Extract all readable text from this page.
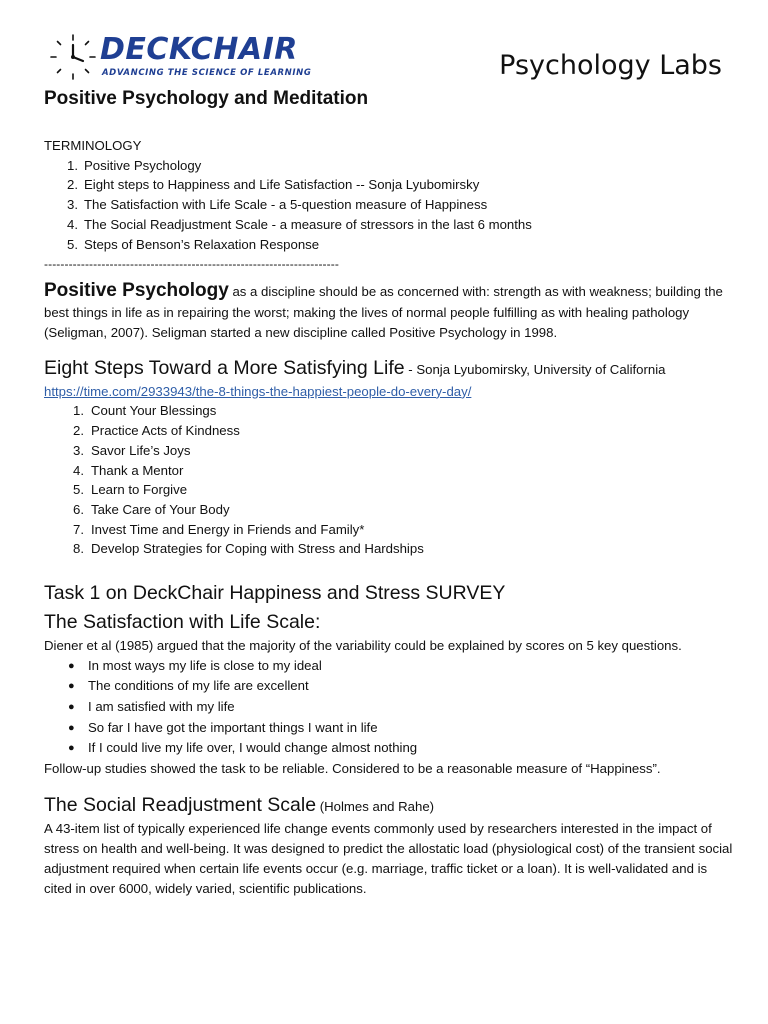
DECKCHAIR
ADVANCING THE SCIENCE OF LEARNING	Psychology Labs
Positive Psychology and Meditation

TERMINOLOGY

1. Positive Psychology
2. Eight steps to Happiness and Life Satisfaction -- Sonja Lyubomirsky
3. The Satisfaction with Life Scale - a 5-question measure of Happiness
4. The Social Readjustment Scale - a measure of stressors in the last 6 months
5. Steps of Benson’s Relaxation Response
------------------------------------------------------------------------

Positive Psychology as a discipline should be as concerned with: strength as with weakness; building the best things in life as in repairing the worst; making the lives of normal people fulfilling as with healing pathology (Seligman, 2007). Seligman started a new discipline called Positive Psychology in 1998.

Eight Steps Toward a More Satisfying Life - Sonja Lyubomirsky, University of California

https://time.com/2933943/the-8-things-the-happiest-people-do-every-day/

1. Count Your Blessings
2. Practice Acts of Kindness
3. Savor Life’s Joys
4. Thank a Mentor
5. Learn to Forgive
6. Take Care of Your Body
7. Invest Time and Energy in Friends and Family*
8. Develop Strategies for Coping with Stress and Hardships

Task 1 on DeckChair Happiness and Stress SURVEY

The Satisfaction with Life Scale:

Diener et al (1985) argued that the majority of the variability could be explained by scores on 5 key questions.

●	In most ways my life is close to my ideal
●	The conditions of my life are excellent
●	I am satisfied with my life
●	So far I have got the important things I want in life
●	If I could live my life over, I would change almost nothing

Follow-up studies showed the task to be reliable. Considered to be a reasonable measure of “Happiness”.

The Social Readjustment Scale (Holmes and Rahe)

A 43-item list of typically experienced life change events commonly used by researchers interested in the impact of stress on health and well-being. It was designed to predict the allostatic load (physiological cost) of the transient social adjustment required when certain life events occur (e.g. marriage, traffic ticket or a loan). It is well-validated and is cited in over 6000, widely varied, scientific publications.
